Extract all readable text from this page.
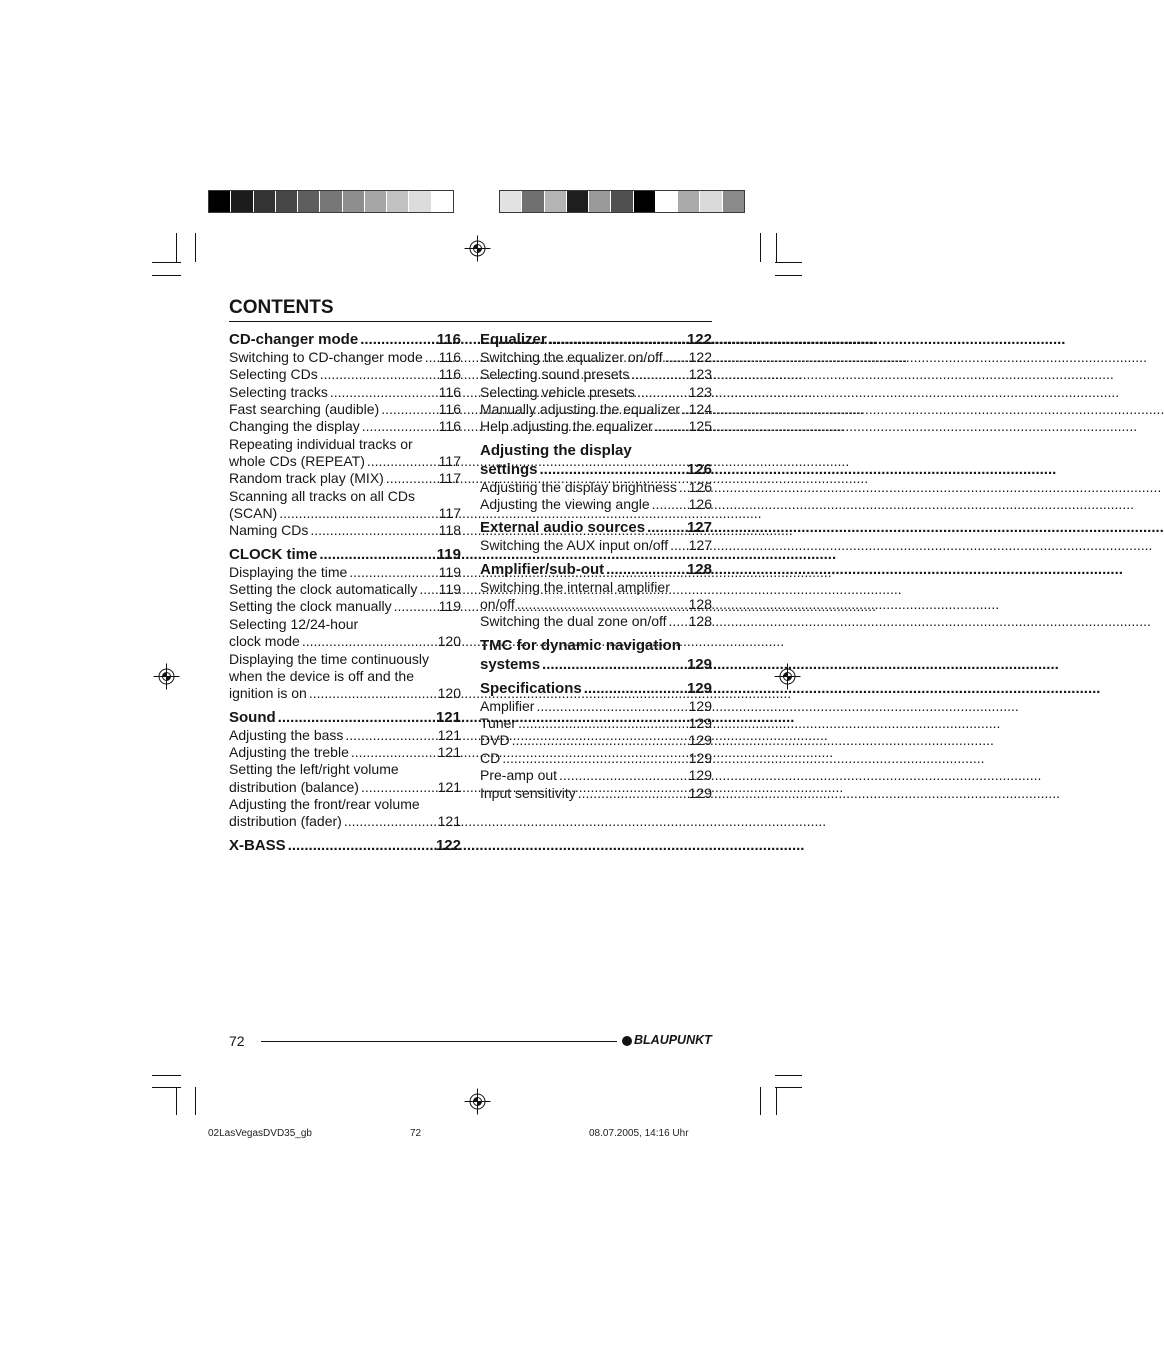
CONTENTS
CD-changer mode .....	116
Switching to CD-changer mode ..... 116
Selecting CDs .....	116
Selecting tracks .....	116
Fast searching (audible) .....	116
Changing the display .....	116
Repeating individual tracks or
whole CDs (REPEAT) .....	117
Random track play (MIX) .....	117
Scanning all tracks on all CDs
(SCAN) .....	117
Naming CDs .....	118
CLOCK time .....	119
Displaying the time .....	119
Setting the clock automatically ..... 119
Setting the clock manually .....	119
Selecting 12/24-hour
clock mode .....	120
Displaying the time continuously
when the device is off and the
ignition is on .....	120
Sound .....	121
Adjusting the bass .....	121
Adjusting the treble .....	121
Setting the left/right volume
distribution (balance) .....	121
Adjusting the front/rear volume
distribution (fader) .....	121
X-BASS .....	122
Equalizer .....	122
Switching the equalizer on/off ..... 122
Selecting sound presets .....	123
Selecting vehicle presets .....	123
Manually adjusting the equalizer ..... 124
Help adjusting the equalizer .....	125
Adjusting the display
settings .....	126
Adjusting the display brightness ..... 126
Adjusting the viewing angle .....	126
External audio sources .....	127
Switching the AUX input on/off ..... 127
Amplifier/sub-out .....	128
Switching the internal amplifier
on/off .....	128
Switching the dual zone on/off ..... 128
TMC for dynamic navigation
systems .....	129
Specifications .....	129
Amplifier .....	129
Tuner .....	129
DVD .....	129
CD .....	129
Pre-amp out .....	129
Input sensitivity .....	129
72	BLAUPUNKT
02LasVegasDVD35_gb	72	08.07.2005, 14:16 Uhr
